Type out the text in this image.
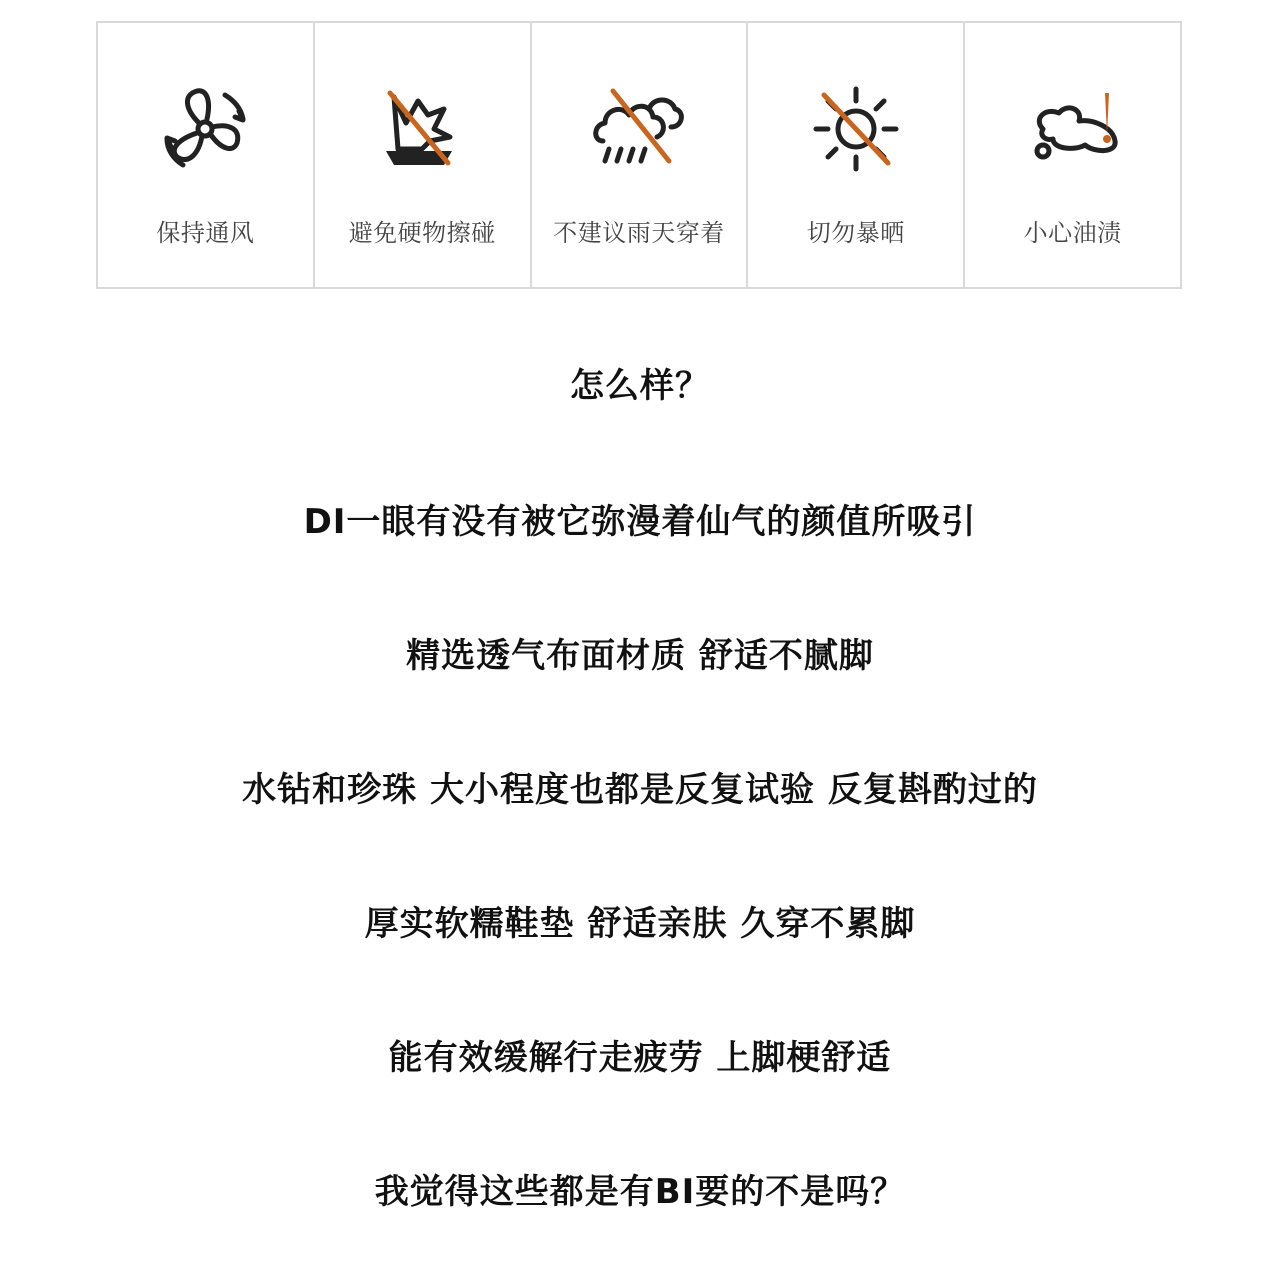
保持通风	避免硬物擦碰	不建议雨天穿着	切勿暴晒	小心油渍
怎么样？
DI一眼有没有被它弥漫着仙气的颜值所吸引
精选透气布面材质 舒适不腻脚
水钻和珍珠 大小程度也都是反复试验 反复斟酌过的
厚实软糯鞋垫 舒适亲肤 久穿不累脚
能有效缓解行走疲劳 上脚梗舒适
我觉得这些都是有BI要的不是吗？
